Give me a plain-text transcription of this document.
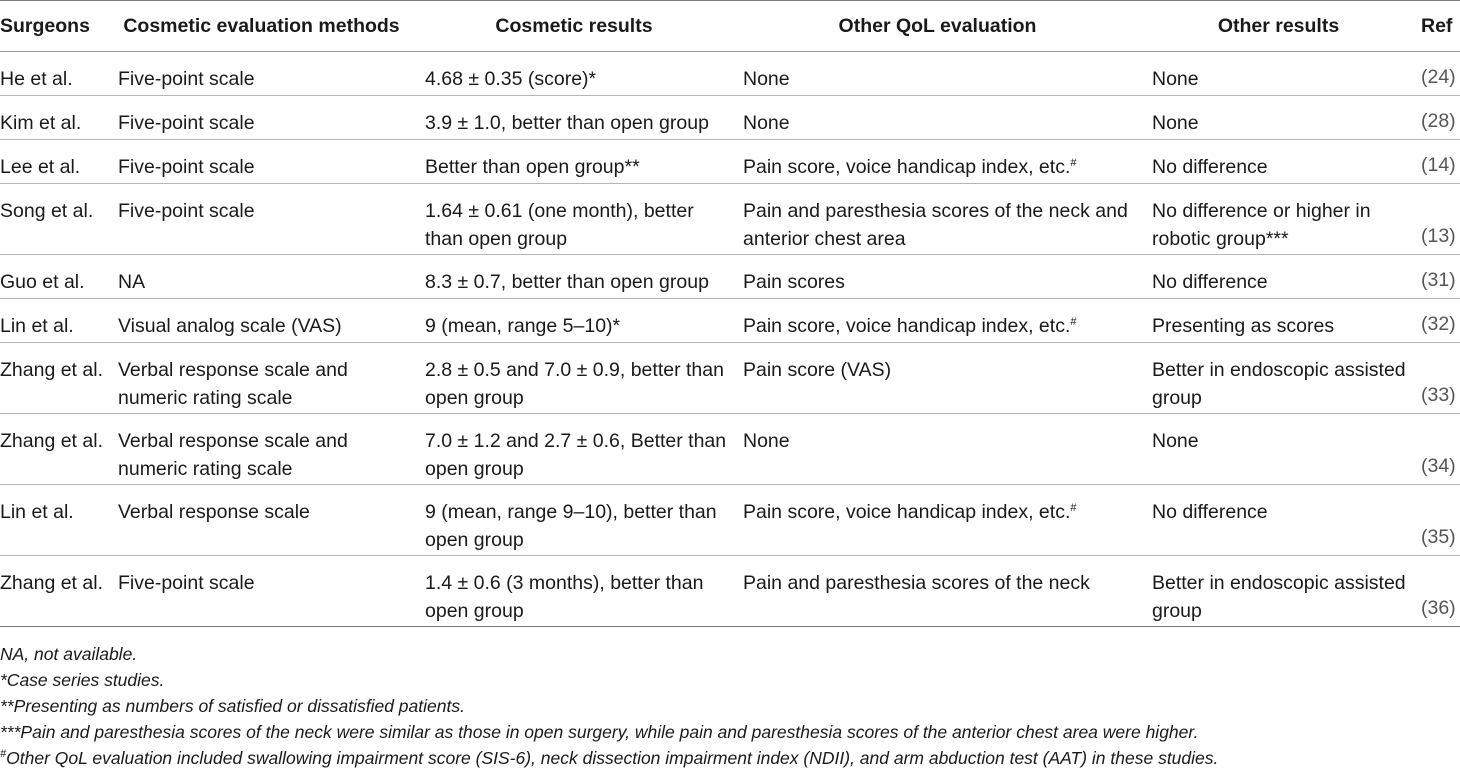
Surgeons	Cosmetic evaluation methods	Cosmetic results	Other QoL evaluation	Other results	Ref
He et al.	Five-point scale	4.68 ± 0.35 (score)*	None	None	(24)
Kim et al.	Five-point scale	3.9 ± 1.0, better than open group	None	None	(28)
Lee et al.	Five-point scale	Better than open group**	Pain score, voice handicap index, etc.#	No difference	(14)
Song et al.	Five-point scale	1.64 ± 0.61 (one month), better than open group	Pain and paresthesia scores of the neck and anterior chest area	No difference or higher in robotic group***	(13)
Guo et al.	NA	8.3 ± 0.7, better than open group	Pain scores	No difference	(31)
Lin et al.	Visual analog scale (VAS)	9 (mean, range 5–10)*	Pain score, voice handicap index, etc.#	Presenting as scores	(32)
Zhang et al.	Verbal response scale and numeric rating scale	2.8 ± 0.5 and 7.0 ± 0.9, better than open group	Pain score (VAS)	Better in endoscopic assisted group	(33)
Zhang et al.	Verbal response scale and numeric rating scale	7.0 ± 1.2 and 2.7 ± 0.6, Better than open group	None	None	(34)
Lin et al.	Verbal response scale	9 (mean, range 9–10), better than open group	Pain score, voice handicap index, etc.#	No difference	(35)
Zhang et al.	Five-point scale	1.4 ± 0.6 (3 months), better than open group	Pain and paresthesia scores of the neck	Better in endoscopic assisted group	(36)
NA, not available.
*Case series studies.
**Presenting as numbers of satisfied or dissatisfied patients.
***Pain and paresthesia scores of the neck were similar as those in open surgery, while pain and paresthesia scores of the anterior chest area were higher.
#Other QoL evaluation included swallowing impairment score (SIS-6), neck dissection impairment index (NDII), and arm abduction test (AAT) in these studies.
